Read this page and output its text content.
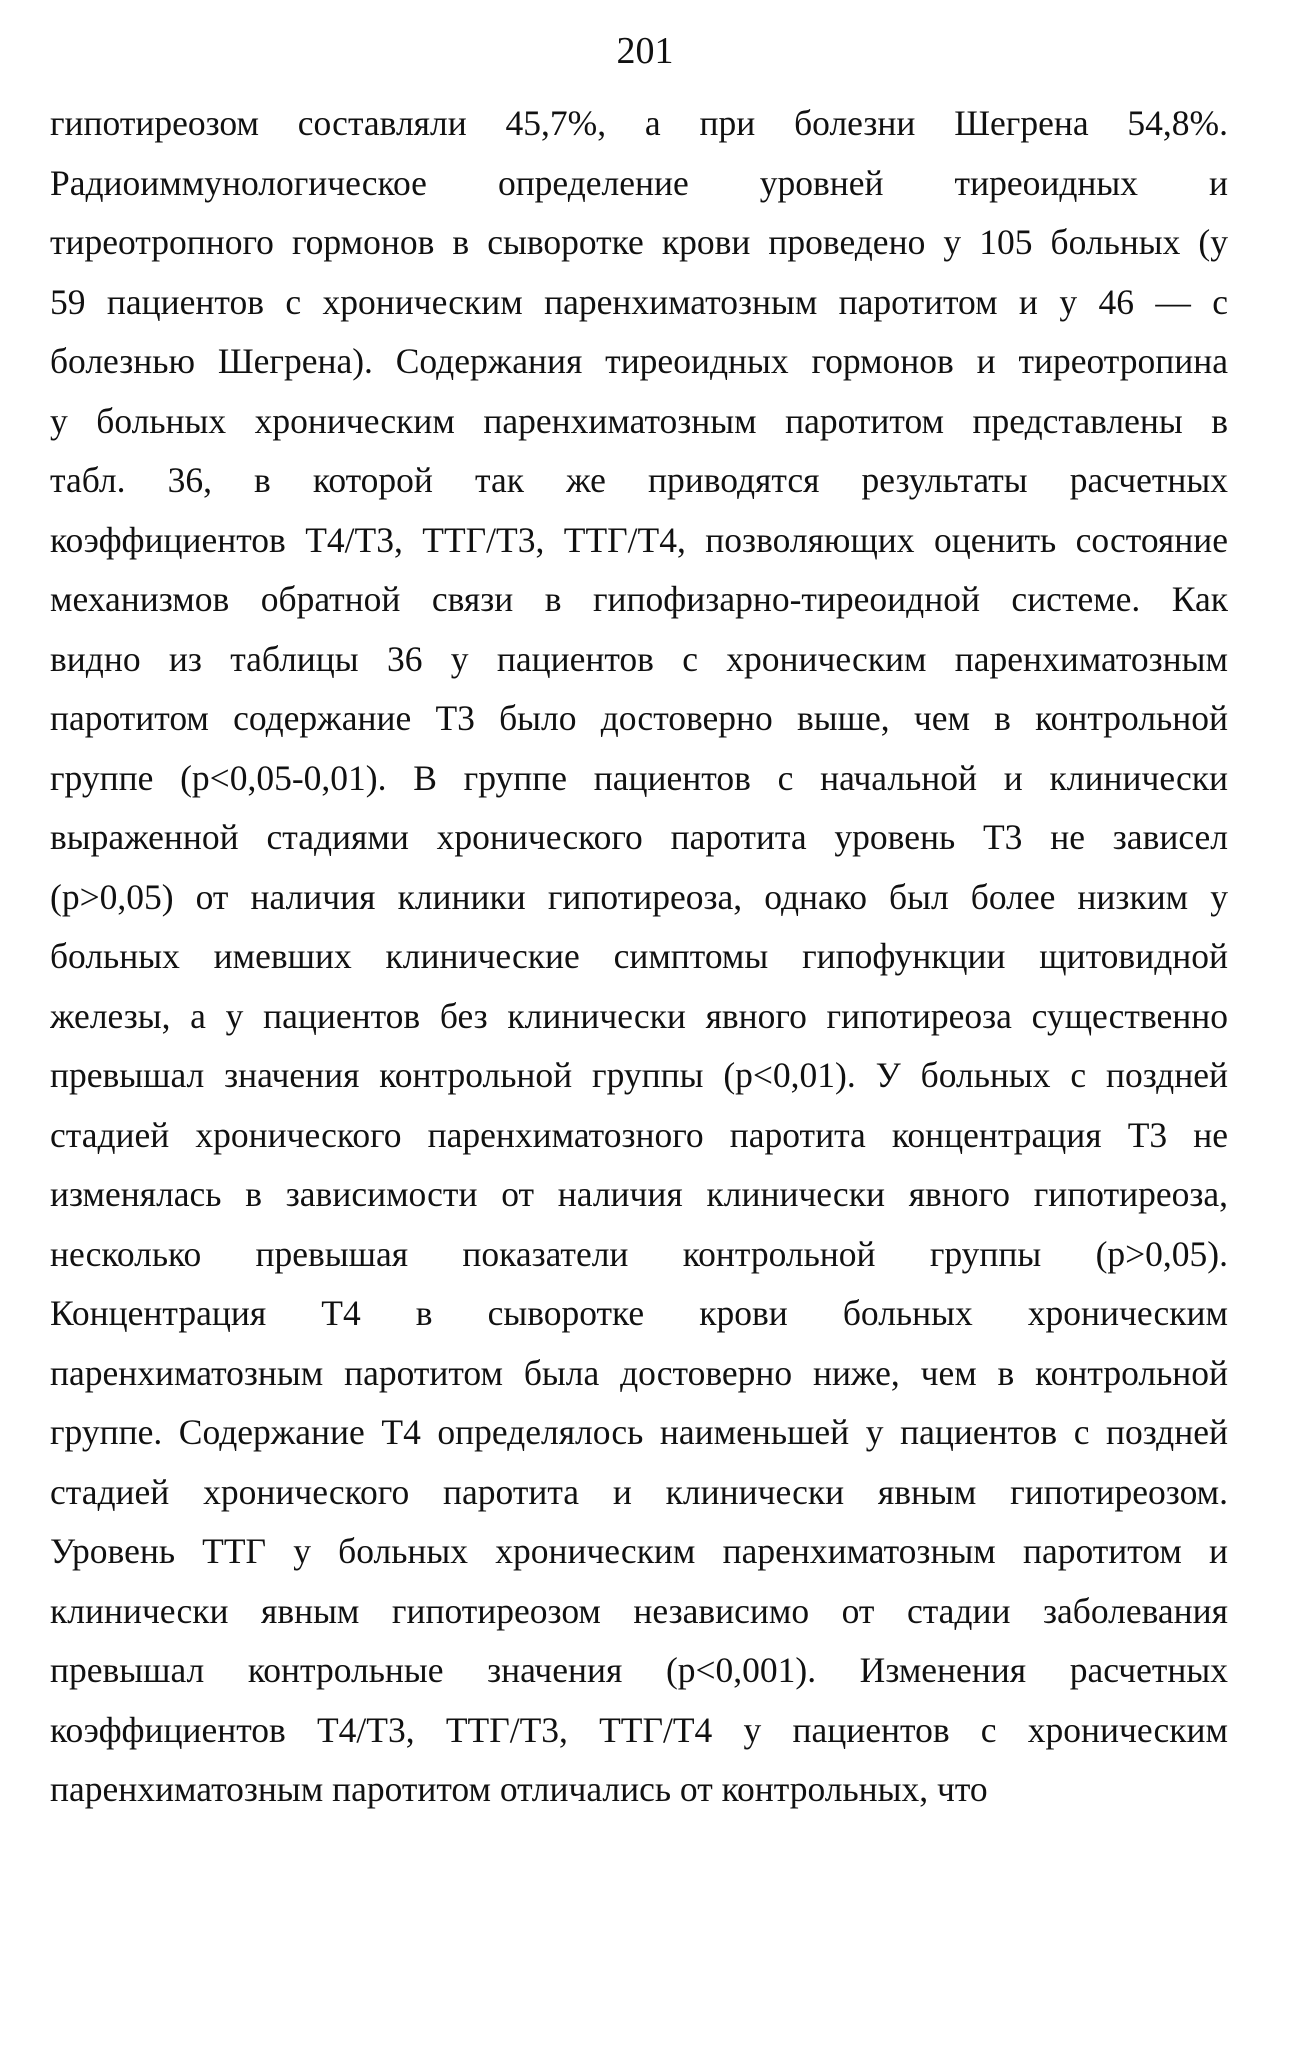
201
гипотиреозом составляли 45,7%, а при болезни Шегрена 54,8%.
Радиоиммунологическое определение уровней тиреоидных и
тиреотропного гормонов в сыворотке крови проведено у 105 больных (у
59 пациентов с хроническим паренхиматозным паротитом и у 46 — с
болезнью Шегрена). Содержания тиреоидных гормонов и тиреотропина
у больных хроническим паренхиматозным паротитом представлены в
табл. 36, в которой так же приводятся результаты расчетных
коэффициентов T4/T3, ТТГ/Т3, ТТГ/Т4, позволяющих оценить состояние
механизмов обратной связи в гипофизарно-тиреоидной системе. Как
видно из таблицы 36 у пациентов с хроническим паренхиматозным
паротитом содержание Т3 было достоверно выше, чем в контрольной
группе (p<0,05-0,01). В группе пациентов с начальной и клинически
выраженной стадиями хронического паротита уровень Т3 не зависел
(p>0,05) от наличия клиники гипотиреоза, однако был более низким у
больных имевших клинические симптомы гипофункции щитовидной
железы, а у пациентов без клинически явного гипотиреоза существенно
превышал значения контрольной группы (p<0,01). У больных с поздней
стадией хронического паренхиматозного паротита концентрация Т3 не
изменялась в зависимости от наличия клинически явного гипотиреоза,
несколько превышая показатели контрольной группы (p>0,05).
Концентрация Т4 в сыворотке крови больных хроническим
паренхиматозным паротитом была достоверно ниже, чем в контрольной
группе. Содержание Т4 определялось наименьшей у пациентов с поздней
стадией хронического паротита и клинически явным гипотиреозом.
Уровень ТТГ у больных хроническим паренхиматозным паротитом и
клинически явным гипотиреозом независимо от стадии заболевания
превышал контрольные значения (p<0,001). Изменения расчетных
коэффициентов T4/T3, ТТГ/Т3, ТТГ/Т4 у пациентов с хроническим
паренхиматозным паротитом отличались от контрольных, что
